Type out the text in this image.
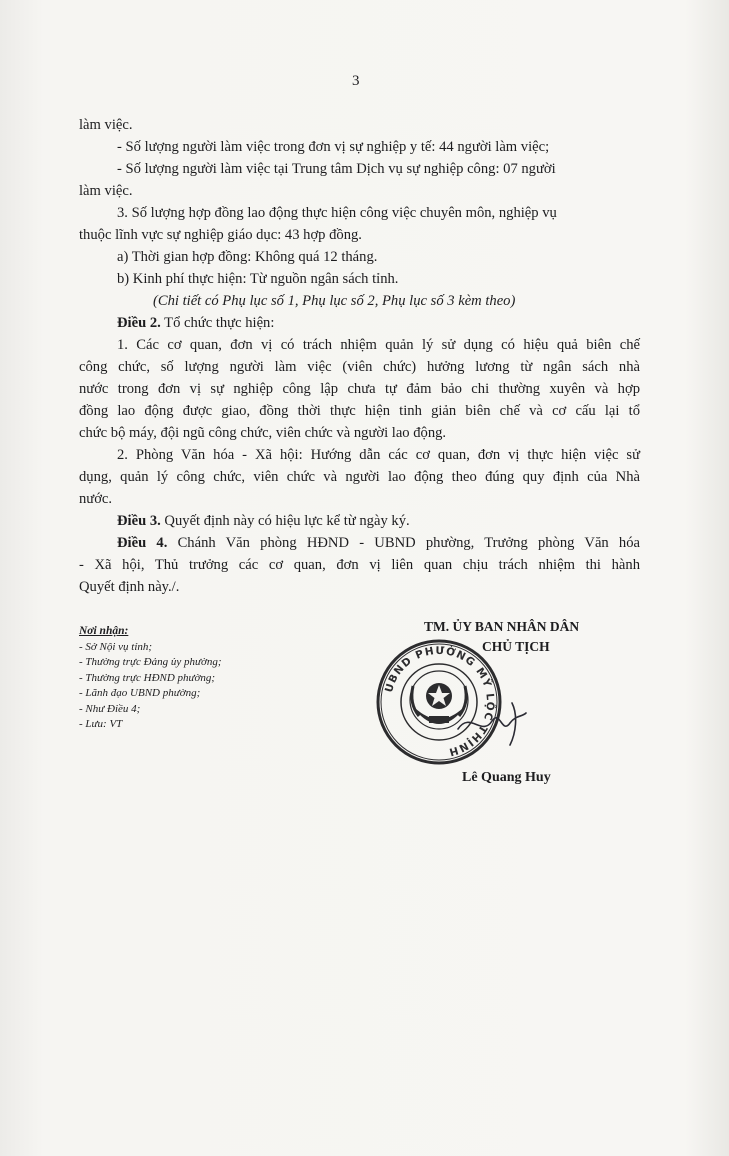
3
làm việc.
- Số lượng người làm việc trong đơn vị sự nghiệp y tế: 44 người làm việc;
- Số lượng người làm việc tại Trung tâm Dịch vụ sự nghiệp công: 07 người
làm việc.
3. Số lượng hợp đồng lao động thực hiện công việc chuyên môn, nghiệp vụ
thuộc lĩnh vực sự nghiệp giáo dục: 43 hợp đồng.
a) Thời gian hợp đồng: Không quá 12 tháng.
b) Kinh phí thực hiện: Từ nguồn ngân sách tỉnh.
(Chi tiết có Phụ lục số 1, Phụ lục số 2, Phụ lục số 3 kèm theo)
Điều 2. Tổ chức thực hiện:
1. Các cơ quan, đơn vị có trách nhiệm quản lý sử dụng có hiệu quả biên chế
công chức, số lượng người làm việc (viên chức) hưởng lương từ ngân sách nhà
nước trong đơn vị sự nghiệp công lập chưa tự đảm bảo chi thường xuyên và hợp
đồng lao động được giao, đồng thời thực hiện tinh giản biên chế và cơ cấu lại tổ
chức bộ máy, đội ngũ công chức, viên chức và người lao động.
2. Phòng Văn hóa - Xã hội: Hướng dẫn các cơ quan, đơn vị thực hiện việc sử
dụng, quản lý công chức, viên chức và người lao động theo đúng quy định của Nhà
nước.
Điều 3. Quyết định này có hiệu lực kể từ ngày ký.
Điều 4. Chánh Văn phòng HĐND - UBND phường, Trưởng phòng Văn hóa
- Xã hội, Thủ trưởng các cơ quan, đơn vị liên quan chịu trách nhiệm thi hành
Quyết định này./.
Nơi nhận:
- Sở Nội vụ tỉnh;
- Thường trực Đảng ủy phường;
- Thường trực HĐND phường;
- Lãnh đạo UBND phường;
- Như Điều 4;
- Lưu: VT
TM. ỦY BAN NHÂN DÂN
CHỦ TỊCH
UBND PHƯỜNG MỸ LỘC THỊNH
Lê Quang Huy
